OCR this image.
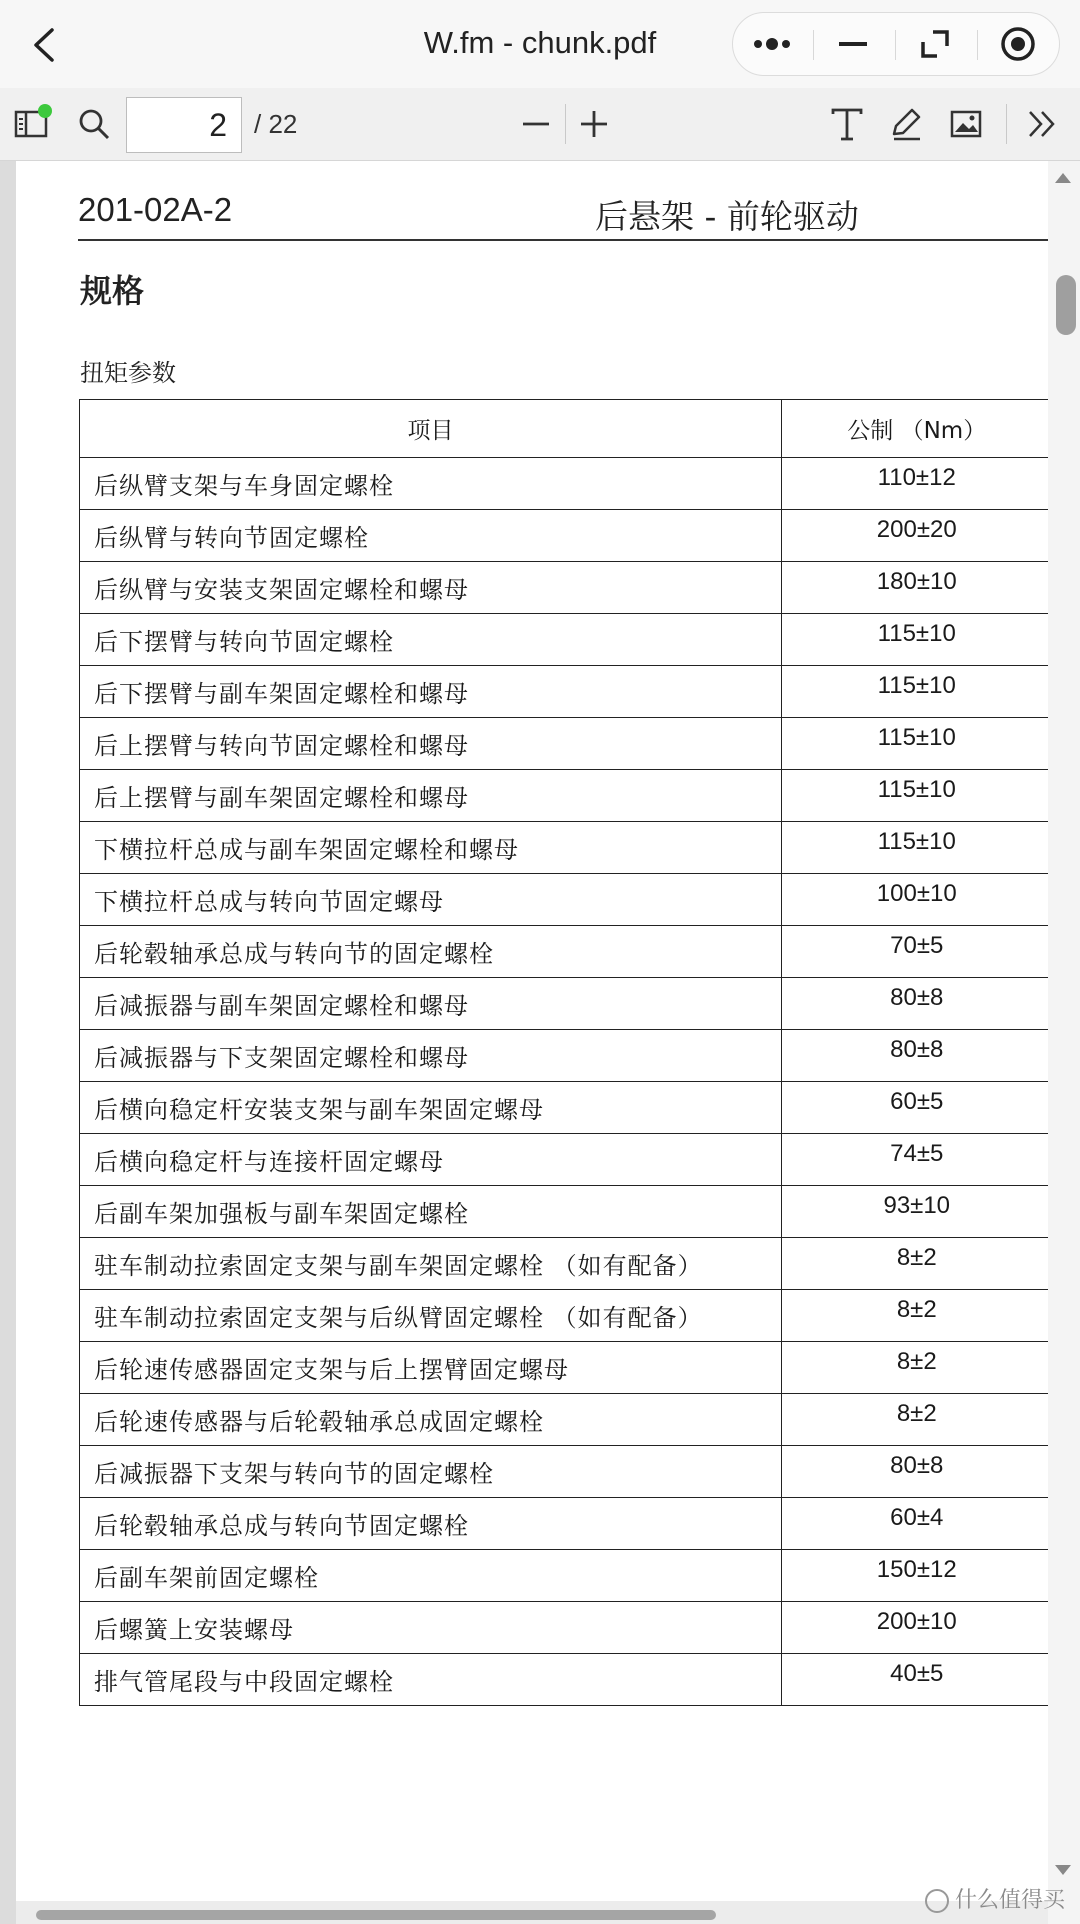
W.fm - chunk.pdf
2	/ 22
201-02A-2	后悬架 - 前轮驱动
规格
扭矩参数
项目	公制 （Nm）
后纵臂支架与车身固定螺栓	110±12
后纵臂与转向节固定螺栓	200±20
后纵臂与安装支架固定螺栓和螺母	180±10
后下摆臂与转向节固定螺栓	115±10
后下摆臂与副车架固定螺栓和螺母	115±10
后上摆臂与转向节固定螺栓和螺母	115±10
后上摆臂与副车架固定螺栓和螺母	115±10
下横拉杆总成与副车架固定螺栓和螺母	115±10
下横拉杆总成与转向节固定螺母	100±10
后轮毂轴承总成与转向节的固定螺栓	70±5
后减振器与副车架固定螺栓和螺母	80±8
后减振器与下支架固定螺栓和螺母	80±8
后横向稳定杆安装支架与副车架固定螺母	60±5
后横向稳定杆与连接杆固定螺母	74±5
后副车架加强板与副车架固定螺栓	93±10
驻车制动拉索固定支架与副车架固定螺栓 （如有配备）	8±2
驻车制动拉索固定支架与后纵臂固定螺栓 （如有配备）	8±2
后轮速传感器固定支架与后上摆臂固定螺母	8±2
后轮速传感器与后轮毂轴承总成固定螺栓	8±2
后减振器下支架与转向节的固定螺栓	80±8
后轮毂轴承总成与转向节固定螺栓	60±4
后副车架前固定螺栓	150±12
后螺簧上安装螺母	200±10
排气管尾段与中段固定螺栓	40±5
什么值得买
